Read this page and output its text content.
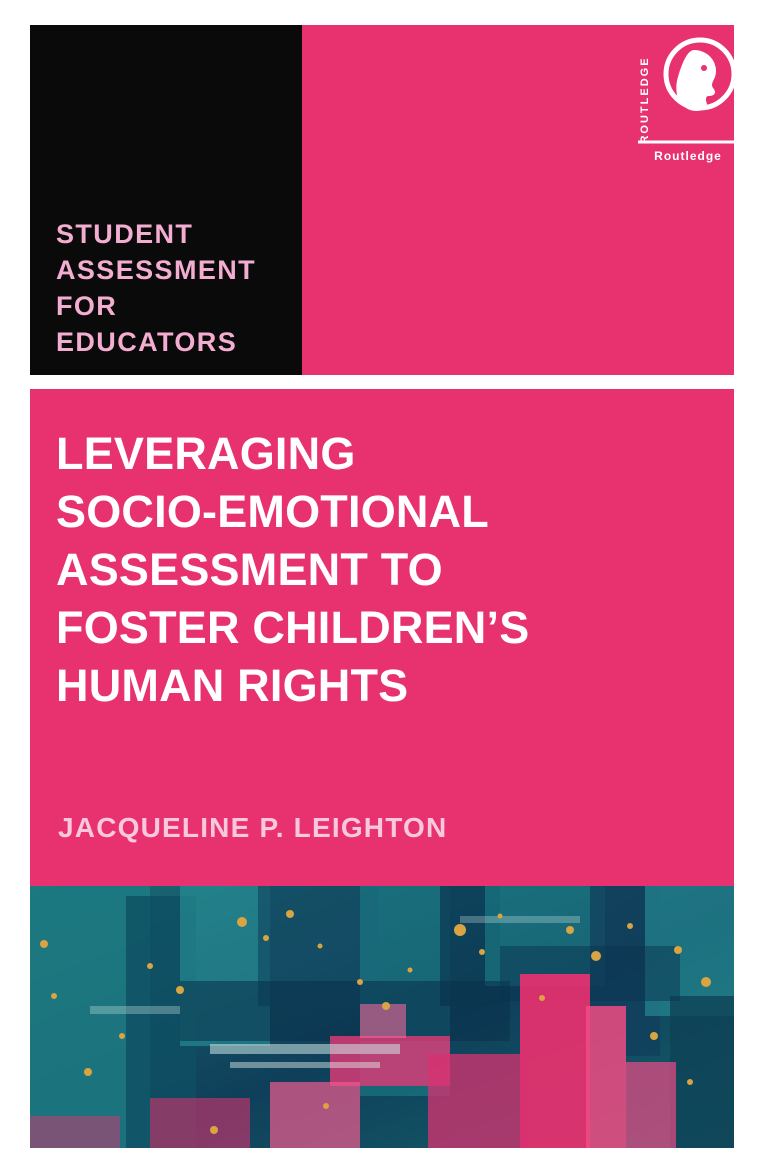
ROUTLEDGE
Routledge
STUDENT
ASSESSMENT
FOR EDUCATORS
LEVERAGING
SOCIO-EMOTIONAL
ASSESSMENT TO
FOSTER CHILDREN’S
HUMAN RIGHTS
JACQUELINE P. LEIGHTON
